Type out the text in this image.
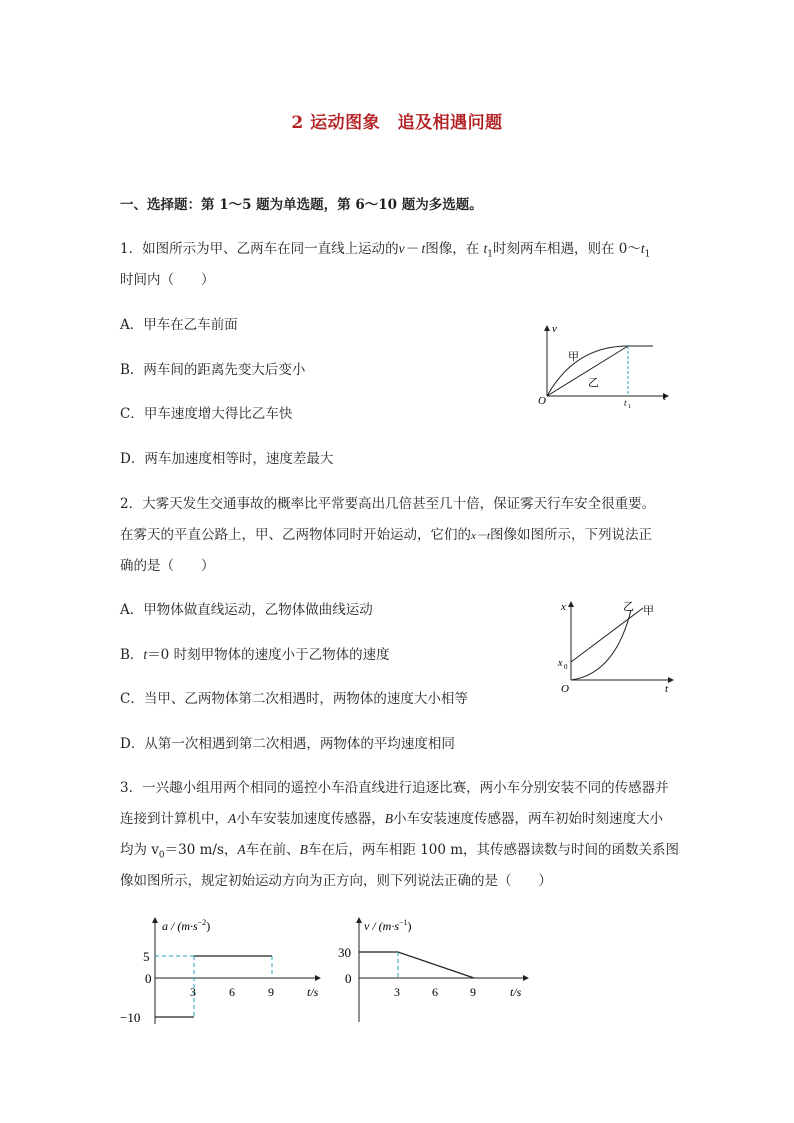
2 运动图象　追及相遇问题
一、选择题：第 1～5 题为单选题，第 6～10 题为多选题。
1．如图所示为甲、乙两车在同一直线上运动的v－ t图像，在 $t_1$时刻两车相遇，则在 $0\sim t_1$
时间内（　　）
A．甲车在乙车前面
B．两车间的距离先变大后变小
C．甲车速度增大得比乙车快
D．两车加速度相等时，速度差最大
v
t
O
甲
乙
t 1
2．大雾天发生交通事故的概率比平常要高出几倍甚至几十倍，保证雾天行车安全很重要。
在雾天的平直公路上，甲、乙两物体同时开始运动，它们的x－t图像如图所示，下列说法正
确的是（　　）
A．甲物体做直线运动，乙物体做曲线运动
B．t＝0 时刻甲物体的速度小于乙物体的速度
C．当甲、乙两物体第二次相遇时，两物体的速度大小相等
D．从第一次相遇到第二次相遇，两物体的平均速度相同
x
t
O
x 0
乙 甲
3．一兴趣小组用两个相同的遥控小车沿直线进行追逐比赛，两小车分别安装不同的传感器并
连接到计算机中，A小车安装加速度传感器，B小车安装速度传感器，两车初始时刻速度大小
均为 $v_0=30$ m/s，A车在前、B车在后，两车相距 100 m，其传感器读数与时间的函数关系图
像如图所示，规定初始运动方向为正方向，则下列说法正确的是（　　）
$a / (m\cdot s^{-2})$
5
0
−10
3	6	9	t/s
$v / (m\cdot s^{-1})$
30
0
3	6	9	t/s
